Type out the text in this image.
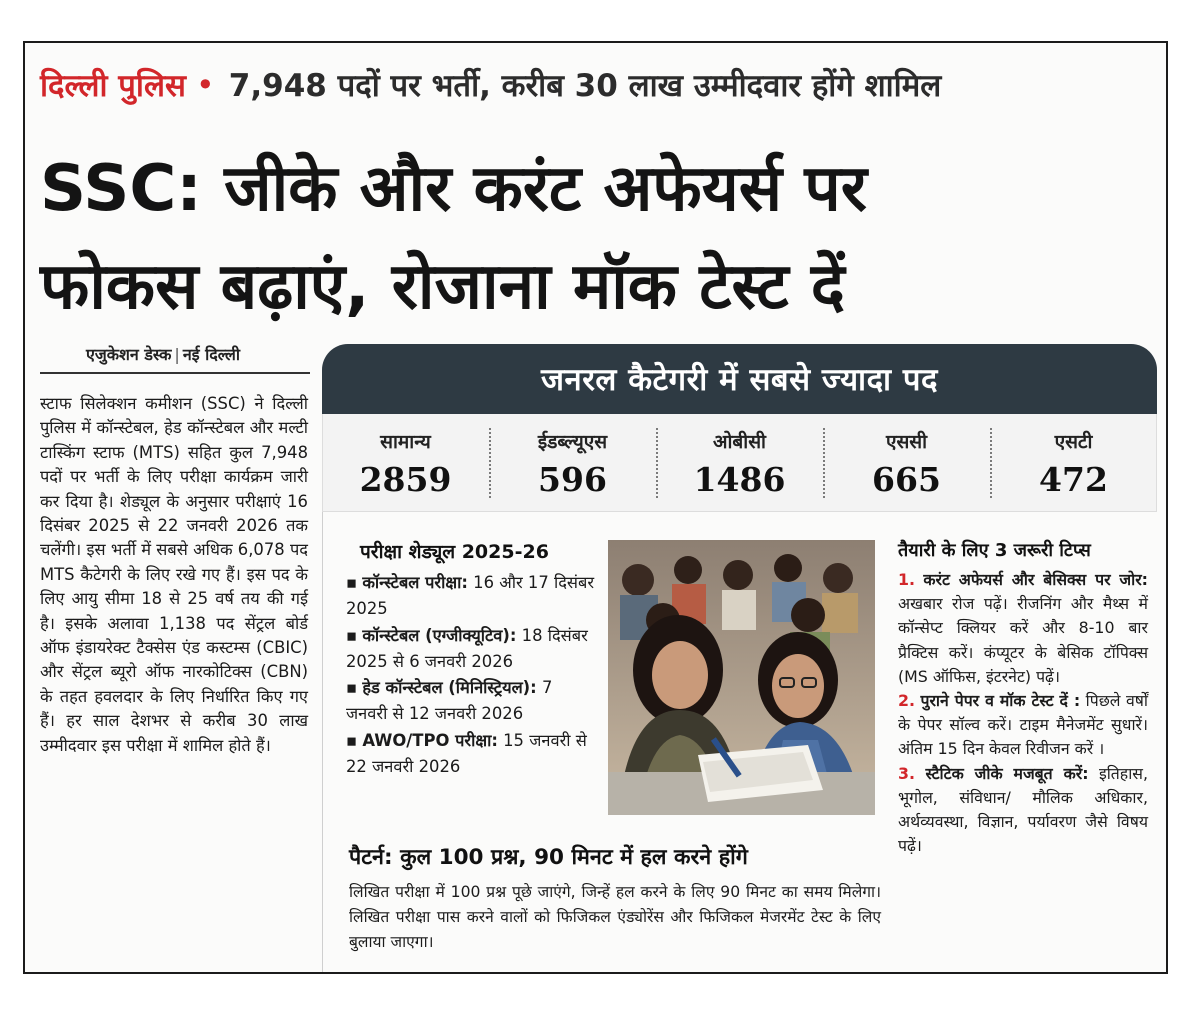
दिल्ली पुलिस • 7,948 पदों पर भर्ती, करीब 30 लाख उम्मीदवार होंगे शामिल
SSC: जीके और करंट अफेयर्स पर
फोकस बढ़ाएं, रोजाना मॉक टेस्ट दें
एजुकेशन डेस्क | नई दिल्ली
स्टाफ सिलेक्शन कमीशन (SSC) ने दिल्ली पुलिस में कॉन्स्टेबल, हेड कॉन्स्टेबल और मल्टी टास्किंग स्टाफ (MTS) सहित कुल 7,948 पदों पर भर्ती के लिए परीक्षा कार्यक्रम जारी कर दिया है। शेड्यूल के अनुसार परीक्षाएं 16 दिसंबर 2025 से 22 जनवरी 2026 तक चलेंगी। इस भर्ती में सबसे अधिक 6,078 पद MTS कैटेगरी के लिए रखे गए हैं। इस पद के लिए आयु सीमा 18 से 25 वर्ष तय की गई है। इसके अलावा 1,138 पद सेंट्रल बोर्ड ऑफ इंडायरेक्ट टैक्सेस एंड कस्टम्स (CBIC) और सेंट्रल ब्यूरो ऑफ नारकोटिक्स (CBN) के तहत हवलदार के लिए निर्धारित किए गए हैं। हर साल देशभर से करीब 30 लाख उम्मीदवार इस परीक्षा में शामिल होते हैं।
जनरल कैटेगरी में सबसे ज्यादा पद
सामान्य
2859
ईडब्ल्यूएस
596
ओबीसी
1486
एससी
665
एसटी
472
परीक्षा शेड्यूल 2025-26
▪ कॉन्स्टेबल परीक्षा: 16 और 17 दिसंबर 2025
▪ कॉन्स्टेबल (एग्जीक्यूटिव): 18 दिसंबर 2025 से 6 जनवरी 2026
▪ हेड कॉन्स्टेबल (मिनिस्ट्रियल): 7 जनवरी से 12 जनवरी 2026
▪ AWO/TPO परीक्षा: 15 जनवरी से 22 जनवरी 2026
पैटर्न: कुल 100 प्रश्न, 90 मिनट में हल करने होंगे
लिखित परीक्षा में 100 प्रश्न पूछे जाएंगे, जिन्हें हल करने के लिए 90 मिनट का समय मिलेगा। लिखित परीक्षा पास करने वालों को फिजिकल एंड्योरेंस और फिजिकल मेजरमेंट टेस्ट के लिए बुलाया जाएगा।
तैयारी के लिए 3 जरूरी टिप्स

1. करंट अफेयर्स और बेसिक्स पर जोर: अखबार रोज पढ़ें। रीजनिंग और मैथ्स में कॉन्सेप्ट क्लियर करें और 8-10 बार प्रैक्टिस करें। कंप्यूटर के बेसिक टॉपिक्स (MS ऑफिस, इंटरनेट) पढ़ें।

2. पुराने पेपर व मॉक टेस्ट दें : पिछले वर्षों के पेपर सॉल्व करें। टाइम मैनेजमेंट सुधारें। अंतिम 15 दिन केवल रिवीजन करें ।

3. स्टैटिक जीके मजबूत करें: इतिहास, भूगोल, संविधान/ मौलिक अधिकार, अर्थव्यवस्था, विज्ञान, पर्यावरण जैसे विषय पढ़ें।
